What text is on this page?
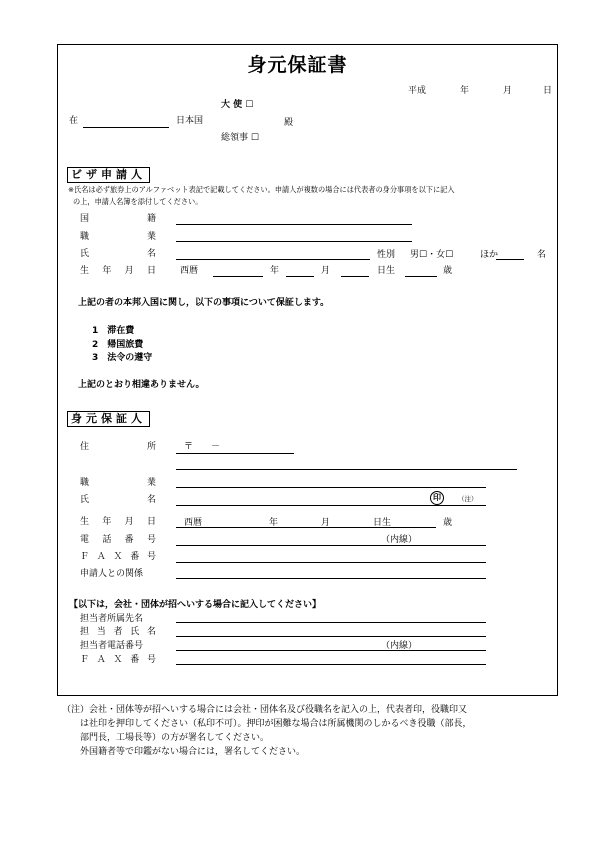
身元保証書
平成	年	月	日
大 使 ☐
在	日本国	殿
総領事 ☐
ビザ申請人
※氏名は必ず旅券上のアルファベット表記で記載してください。申請人が複数の場合には代表者の身分事項を以下に記入
の上，申請人名簿を添付してください。
国 籍
職 業
氏 名	性別 男☐・女☐	ほか	名
生 年 月 日	西暦	年	月	日生	歳
上記の者の本邦入国に関し，以下の事項について保証します。
1　滞在費
2　帰国旅費
3　法令の遵守
上記のとおり相違ありません。
身元保証人
住 所	〒　　－
職 業
氏 名	印	（注）
生 年 月 日	西暦	年	月	日生	歳
電 話 番 号	（内線）
ＦＡＸ番号
申請人との関係
【以下は，会社・団体が招へいする場合に記入してください】
担当者所属先名
担当者氏名
担当者電話番号	（内線）
ＦＡＸ番号
（注）会社・団体等が招へいする場合には会社・団体名及び役職名を記入の上，代表者印，役職印又
は社印を押印してください（私印不可）。押印が困難な場合は所属機関のしかるべき役職（部長，
部門長，工場長等）の方が署名してください。
外国籍者等で印鑑がない場合には，署名してください。
